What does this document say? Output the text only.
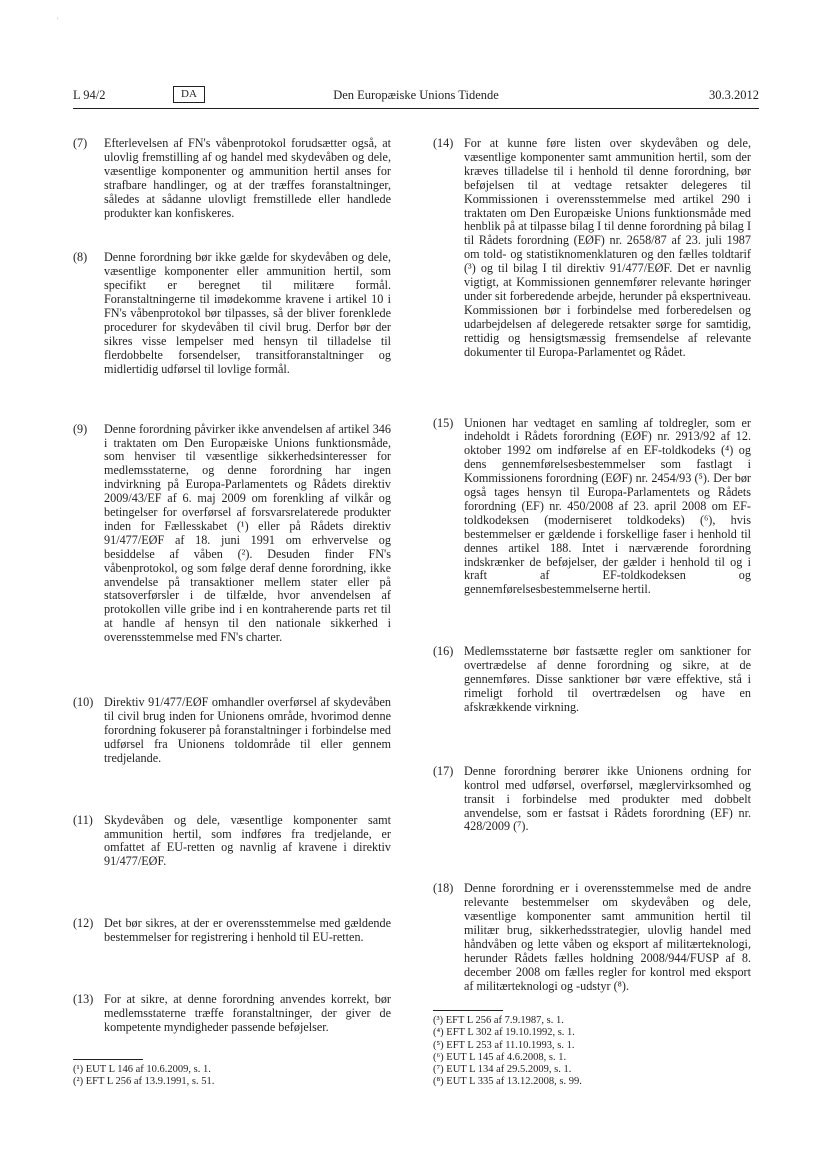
'
L 94/2	DA	Den Europæiske Unions Tidende	30.3.2012
(7) Efterlevelsen af FN's våbenprotokol forudsætter også, at ulovlig fremstilling af og handel med skydevåben og dele, væsentlige komponenter og ammunition hertil anses for strafbare handlinger, og at der træffes foranstaltninger, således at sådanne ulovligt fremstillede eller handlede produkter kan konfiskeres.
(8) Denne forordning bør ikke gælde for skydevåben og dele, væsentlige komponenter eller ammunition hertil, som specifikt er beregnet til militære formål. Foranstaltningerne til imødekomme kravene i artikel 10 i FN's våbenprotokol bør tilpasses, så der bliver forenklede procedurer for skydevåben til civil brug. Derfor bør der sikres visse lempelser med hensyn til tilladelse til flerdobbelte forsendelser, transitforanstaltninger og midlertidig udførsel til lovlige formål.
(9) Denne forordning påvirker ikke anvendelsen af artikel 346 i traktaten om Den Europæiske Unions funktionsmåde, som henviser til væsentlige sikkerhedsinteresser for medlemsstaterne, og denne forordning har ingen indvirkning på Europa-Parlamentets og Rådets direktiv 2009/43/EF af 6. maj 2009 om forenkling af vilkår og betingelser for overførsel af forsvarsrelaterede produkter inden for Fællesskabet (¹) eller på Rådets direktiv 91/477/EØF af 18. juni 1991 om erhvervelse og besiddelse af våben (²). Desuden finder FN's våbenprotokol, og som følge deraf denne forordning, ikke anvendelse på transaktioner mellem stater eller på statsoverførsler i de tilfælde, hvor anvendelsen af protokollen ville gribe ind i en kontraherende parts ret til at handle af hensyn til den nationale sikkerhed i overensstemmelse med FN's charter.
(10) Direktiv 91/477/EØF omhandler overførsel af skydevåben til civil brug inden for Unionens område, hvorimod denne forordning fokuserer på foranstaltninger i forbindelse med udførsel fra Unionens toldområde til eller gennem tredjelande.
(11) Skydevåben og dele, væsentlige komponenter samt ammunition hertil, som indføres fra tredjelande, er omfattet af EU-retten og navnlig af kravene i direktiv 91/477/EØF.
(12) Det bør sikres, at der er overensstemmelse med gældende bestemmelser for registrering i henhold til EU-retten.
(13) For at sikre, at denne forordning anvendes korrekt, bør medlemsstaterne træffe foranstaltninger, der giver de kompetente myndigheder passende beføjelser.
(14) For at kunne føre listen over skydevåben og dele, væsentlige komponenter samt ammunition hertil, som der kræves tilladelse til i henhold til denne forordning, bør beføjelsen til at vedtage retsakter delegeres til Kommissionen i overensstemmelse med artikel 290 i traktaten om Den Europæiske Unions funktionsmåde med henblik på at tilpasse bilag I til denne forordning på bilag I til Rådets forordning (EØF) nr. 2658/87 af 23. juli 1987 om told- og statistiknomenklaturen og den fælles toldtarif (³) og til bilag I til direktiv 91/477/EØF. Det er navnlig vigtigt, at Kommissionen gennemfører relevante høringer under sit forberedende arbejde, herunder på ekspertniveau. Kommissionen bør i forbindelse med forberedelsen og udarbejdelsen af delegerede retsakter sørge for samtidig, rettidig og hensigtsmæssig fremsendelse af relevante dokumenter til Europa-Parlamentet og Rådet.
(15) Unionen har vedtaget en samling af toldregler, som er indeholdt i Rådets forordning (EØF) nr. 2913/92 af 12. oktober 1992 om indførelse af en EF-toldkodeks (⁴) og dens gennemførelsesbestemmelser som fastlagt i Kommissionens forordning (EØF) nr. 2454/93 (⁵). Der bør også tages hensyn til Europa-Parlamentets og Rådets forordning (EF) nr. 450/2008 af 23. april 2008 om EF-toldkodeksen (moderniseret toldkodeks) (⁶), hvis bestemmelser er gældende i forskellige faser i henhold til dennes artikel 188. Intet i nærværende forordning indskrænker de beføjelser, der gælder i henhold til og i kraft af EF-toldkodeksen og gennemførelsesbestemmelserne hertil.
(16) Medlemsstaterne bør fastsætte regler om sanktioner for overtrædelse af denne forordning og sikre, at de gennemføres. Disse sanktioner bør være effektive, stå i rimeligt forhold til overtrædelsen og have en afskrækkende virkning.
(17) Denne forordning berører ikke Unionens ordning for kontrol med udførsel, overførsel, mæglervirksomhed og transit i forbindelse med produkter med dobbelt anvendelse, som er fastsat i Rådets forordning (EF) nr. 428/2009 (⁷).
(18) Denne forordning er i overensstemmelse med de andre relevante bestemmelser om skydevåben og dele, væsentlige komponenter samt ammunition hertil til militær brug, sikkerhedsstrategier, ulovlig handel med håndvåben og lette våben og eksport af militærteknologi, herunder Rådets fælles holdning 2008/944/FUSP af 8. december 2008 om fælles regler for kontrol med eksport af militærteknologi og -udstyr (⁸).
(¹) EUT L 146 af 10.6.2009, s. 1.
(²) EFT L 256 af 13.9.1991, s. 51.
(³) EFT L 256 af 7.9.1987, s. 1.
(⁴) EFT L 302 af 19.10.1992, s. 1.
(⁵) EFT L 253 af 11.10.1993, s. 1.
(⁶) EUT L 145 af 4.6.2008, s. 1.
(⁷) EUT L 134 af 29.5.2009, s. 1.
(⁸) EUT L 335 af 13.12.2008, s. 99.
